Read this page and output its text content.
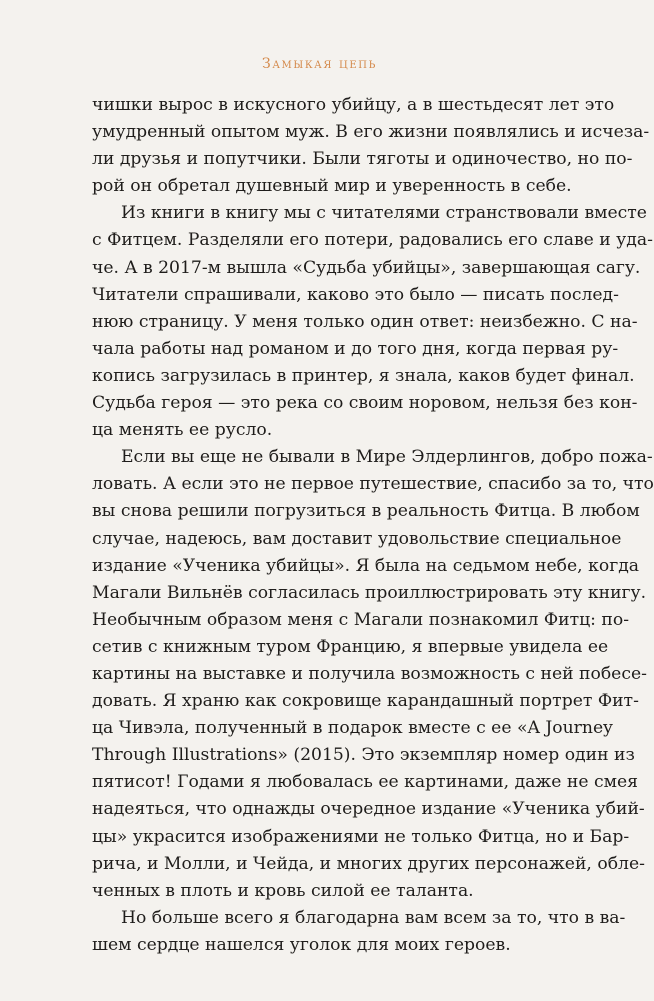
Замыкая цепь
чишки вырос в искусного убийцу, а в шестьдесят лет это
умудренный опытом муж. В его жизни появлялись и исчеза-
ли друзья и попутчики. Были тяготы и одиночество, но по-
рой он обретал душевный мир и уверенность в себе.
Из книги в книгу мы с читателями странствовали вместе
с Фитцем. Разделяли его потери, радовались его славе и уда-
че. А в 2017-м вышла «Судьба убийцы», завершающая сагу.
Читатели спрашивали, каково это было — писать послед-
нюю страницу. У меня только один ответ: неизбежно. С на-
чала работы над романом и до того дня, когда первая ру-
копись загрузилась в принтер, я знала, каков будет финал.
Судьба героя — это река со своим норовом, нельзя без кон-
ца менять ее русло.
Если вы еще не бывали в Мире Элдерлингов, добро пожа-
ловать. А если это не первое путешествие, спасибо за то, что
вы снова решили погрузиться в реальность Фитца. В любом
случае, надеюсь, вам доставит удовольствие специальное
издание «Ученика убийцы». Я была на седьмом небе, когда
Магали Вильнёв согласилась проиллюстрировать эту книгу.
Необычным образом меня с Магали познакомил Фитц: по-
сетив с книжным туром Францию, я впервые увидела ее
картины на выставке и получила возможность с ней побесе-
довать. Я храню как сокровище карандашный портрет Фит-
ца Чивэла, полученный в подарок вместе с ее «A Journey
Through Illustrations» (2015). Это экземпляр номер один из
пятисот! Годами я любовалась ее картинами, даже не смея
надеяться, что однажды очередное издание «Ученика убий-
цы» украсится изображениями не только Фитца, но и Бар-
рича, и Молли, и Чейда, и многих других персонажей, обле-
ченных в плоть и кровь силой ее таланта.
Но больше всего я благодарна вам всем за то, что в ва-
шем сердце нашелся уголок для моих героев.
